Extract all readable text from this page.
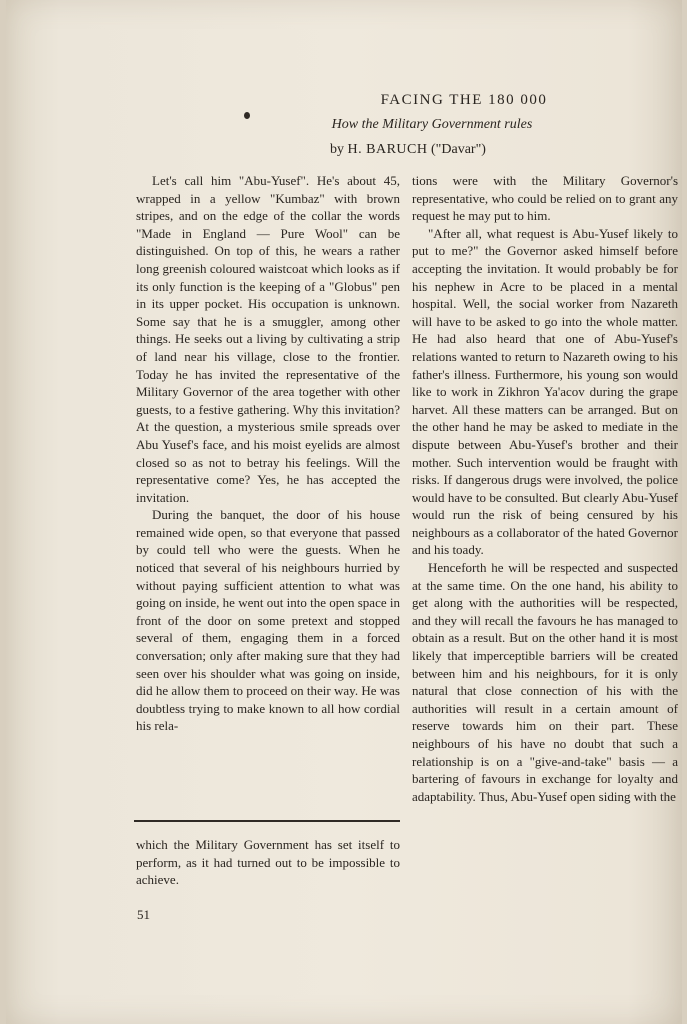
FACING THE 180 000
How the Military Government rules
by H. BARUCH ("Davar")

Let's call him "Abu-Yusef". He's about 45, wrapped in a yellow "Kumbaz" with brown stripes, and on the edge of the collar the words "Made in England — Pure Wool" can be distinguished. On top of this, he wears a rather long greenish coloured waistcoat which looks as if its only function is the keeping of a "Globus" pen in its upper pocket. His occupation is unknown. Some say that he is a smuggler, among other things. He seeks out a living by cultivating a strip of land near his village, close to the frontier. Today he has invited the representative of the Military Governor of the area together with other guests, to a festive gathering. Why this invitation? At the question, a mysterious smile spreads over Abu Yusef's face, and his moist eyelids are almost closed so as not to betray his feelings. Will the representative come? Yes, he has accepted the invitation.

During the banquet, the door of his house remained wide open, so that everyone that passed by could tell who were the guests. When he noticed that several of his neighbours hurried by without paying sufficient attention to what was going on inside, he went out into the open space in front of the door on some pretext and stopped several of them, engaging them in a forced conversation; only after making sure that they had seen over his shoulder what was going on inside, did he allow them to proceed on their way. He was doubtless trying to make known to all how cordial his rela-

tions were with the Military Governor's representative, who could be relied on to grant any request he may put to him.

"After all, what request is Abu-Yusef likely to put to me?" the Governor asked himself before accepting the invitation. It would probably be for his nephew in Acre to be placed in a mental hospital. Well, the social worker from Nazareth will have to be asked to go into the whole matter. He had also heard that one of Abu-Yusef's relations wanted to return to Nazareth owing to his father's illness. Furthermore, his young son would like to work in Zikhron Ya'acov during the grape harvet. All these matters can be arranged. But on the other hand he may be asked to mediate in the dispute between Abu-Yusef's brother and their mother. Such intervention would be fraught with risks. If dangerous drugs were involved, the police would have to be consulted. But clearly Abu-Yusef would run the risk of being censured by his neighbours as a collaborator of the hated Governor and his toady.

Henceforth he will be respected and suspected at the same time. On the one hand, his ability to get along with the authorities will be respected, and they will recall the favours he has managed to obtain as a result. But on the other hand it is most likely that imperceptible barriers will be created between him and his neighbours, for it is only natural that close connection of his with the authorities will result in a certain amount of reserve towards him on their part. These neighbours of his have no doubt that such a relationship is on a "give-and-take" basis — a bartering of favours in exchange for loyalty and adaptability. Thus, Abu-Yusef open siding with the

which the Military Government has set itself to perform, as it had turned out to be impossible to achieve.
51
